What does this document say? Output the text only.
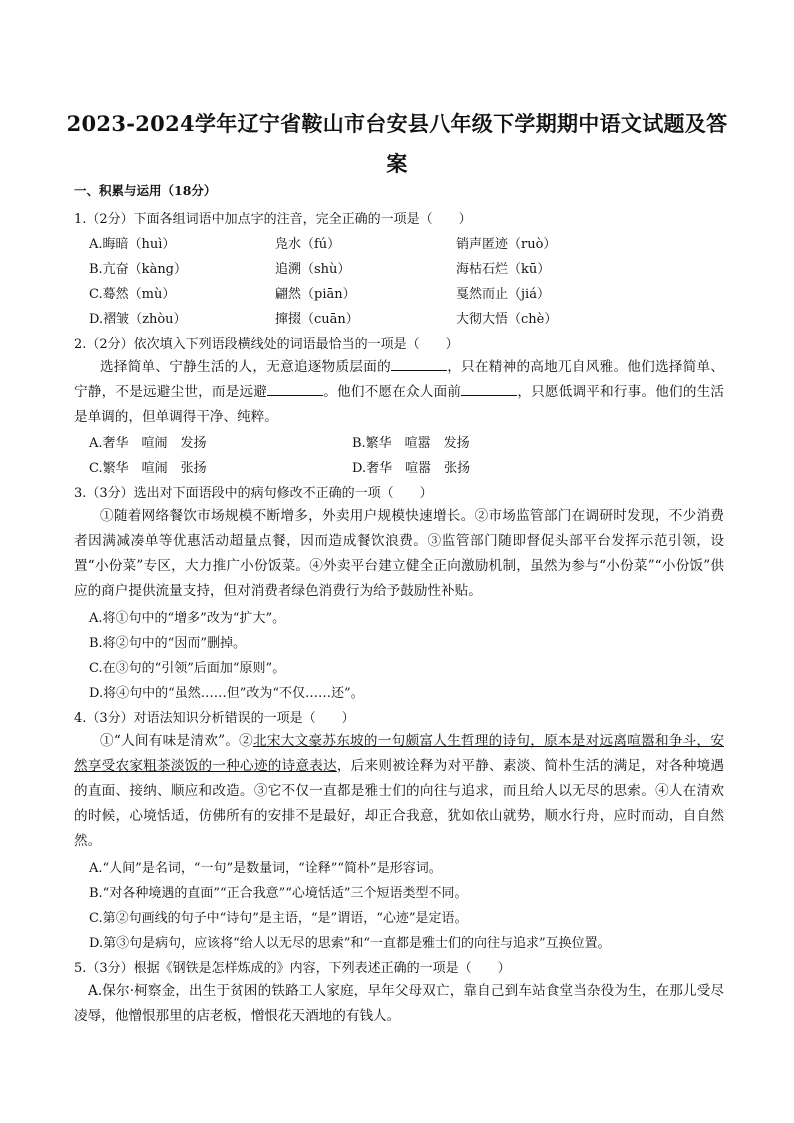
2023-2024学年辽宁省鞍山市台安县八年级下学期期中语文试题及答
案
一、积累与运用（18分）
1.（2分）下面各组词语中加点字的注音，完全正确的一项是（　　）
A.晦暗（huì）	凫水（fú）	销声匿迹（ruò）
B.亢奋（kàng）	追溯（shù）	海枯石烂（kū）
C.蓦然（mù）	翩然（piān）	戛然而止（jiá）
D.褶皱（zhòu）	撺掇（cuān）	大彻大悟（chè）
2.（2分）依次填入下列语段横线处的词语最恰当的一项是（　　）
选择简单、宁静生活的人，无意追逐物质层面的	，只在精神的高地兀自风雅。他们选择简单、宁静，不是远避尘世，而是远避	。他们不愿在众人面前	，只愿低调平和行事。他们的生活是单调的，但单调得干净、纯粹。
A.奢华　喧闹　发扬	B.繁华　喧嚣　发扬
C.繁华　喧闹　张扬	D.奢华　喧嚣　张扬
3.（3分）选出对下面语段中的病句修改不正确的一项（　　）
①随着网络餐饮市场规模不断增多，外卖用户规模快速增长。②市场监管部门在调研时发现，不少消费者因满减凑单等优惠活动超量点餐，因而造成餐饮浪费。③监管部门随即督促头部平台发挥示范引领，设置“小份菜”专区，大力推广小份饭菜。④外卖平台建立健全正向激励机制，虽然为参与“小份菜”“小份饭”供应的商户提供流量支持，但对消费者绿色消费行为给予鼓励性补贴。
A.将①句中的“增多”改为“扩大”。
B.将②句中的“因而”删掉。
C.在③句的“引领”后面加“原则”。
D.将④句中的“虽然……但”改为“不仅……还”。
4.（3分）对语法知识分析错误的一项是（　　）
①“人间有味是清欢”。②北宋大文豪苏东坡的一句颇富人生哲理的诗句，原本是对远离喧嚣和争斗，安然享受农家粗茶淡饭的一种心迹的诗意表达，后来则被诠释为对平静、素淡、简朴生活的满足，对各种境遇的直面、接纳、顺应和改造。③它不仅一直都是雅士们的向往与追求，而且给人以无尽的思索。④人在清欢的时候，心境恬适，仿佛所有的安排不是最好，却正合我意，犹如依山就势，顺水行舟，应时而动，自自然然。
A.“人间”是名词，“一句”是数量词，“诠释”“简朴”是形容词。
B.“对各种境遇的直面”“正合我意”“心境恬适”三个短语类型不同。
C.第②句画线的句子中“诗句”是主语，“是”谓语，“心迹”是定语。
D.第③句是病句，应该将“给人以无尽的思索”和“一直都是雅士们的向往与追求”互换位置。
5.（3分）根据《钢铁是怎样炼成的》内容，下列表述正确的一项是（　　）
A.保尔·柯察金，出生于贫困的铁路工人家庭，早年父母双亡，靠自己到车站食堂当杂役为生，在那儿受尽凌辱，他憎恨那里的店老板，憎恨花天酒地的有钱人。
